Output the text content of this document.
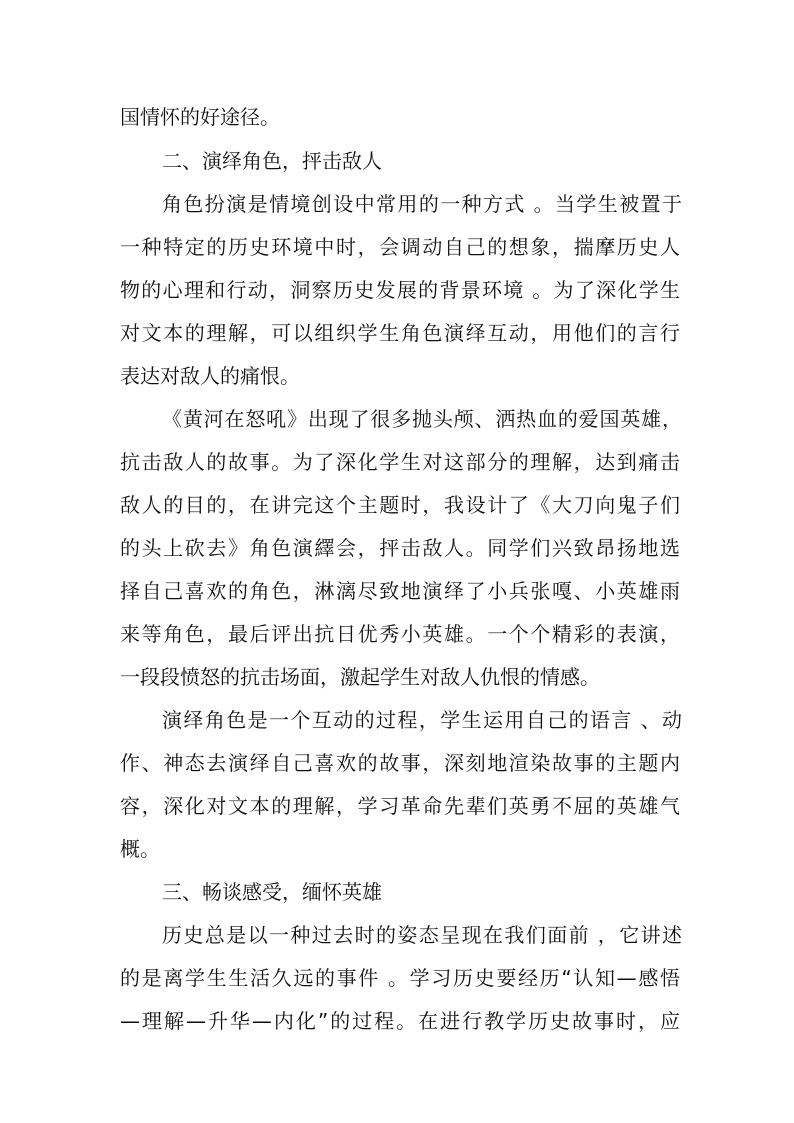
国情怀的好途径。
二、演绎角色，抨击敌人
角色扮演是情境创设中常用的一种方式 。当学生被置于
一种特定的历史环境中时，会调动自己的想象，揣摩历史人
物的心理和行动，洞察历史发展的背景环境 。为了深化学生
对文本的理解，可以组织学生角色演绎互动，用他们的言行
表达对敌人的痛恨。
《黄河在怒吼》出现了很多抛头颅、洒热血的爱国英雄，
抗击敌人的故事。为了深化学生对这部分的理解，达到痛击
敌人的目的，在讲完这个主题时，我设计了《大刀向鬼子们
的头上砍去》角色演繹会，抨击敌人。同学们兴致昂扬地选
择自己喜欢的角色，淋漓尽致地演绎了小兵张嘎、小英雄雨
来等角色，最后评出抗日优秀小英雄。一个个精彩的表演，
一段段愤怒的抗击场面，激起学生对敌人仇恨的情感。
演绎角色是一个互动的过程，学生运用自己的语言 、动
作、神态去演绎自己喜欢的故事，深刻地渲染故事的主题内
容，深化对文本的理解，学习革命先辈们英勇不屈的英雄气
概。
三、畅谈感受，缅怀英雄
历史总是以一种过去时的姿态呈现在我们面前 ，它讲述
的是离学生生活久远的事件 。学习历史要经历“认知—感悟
—理解—升华—内化”的过程。在进行教学历史故事时，应
